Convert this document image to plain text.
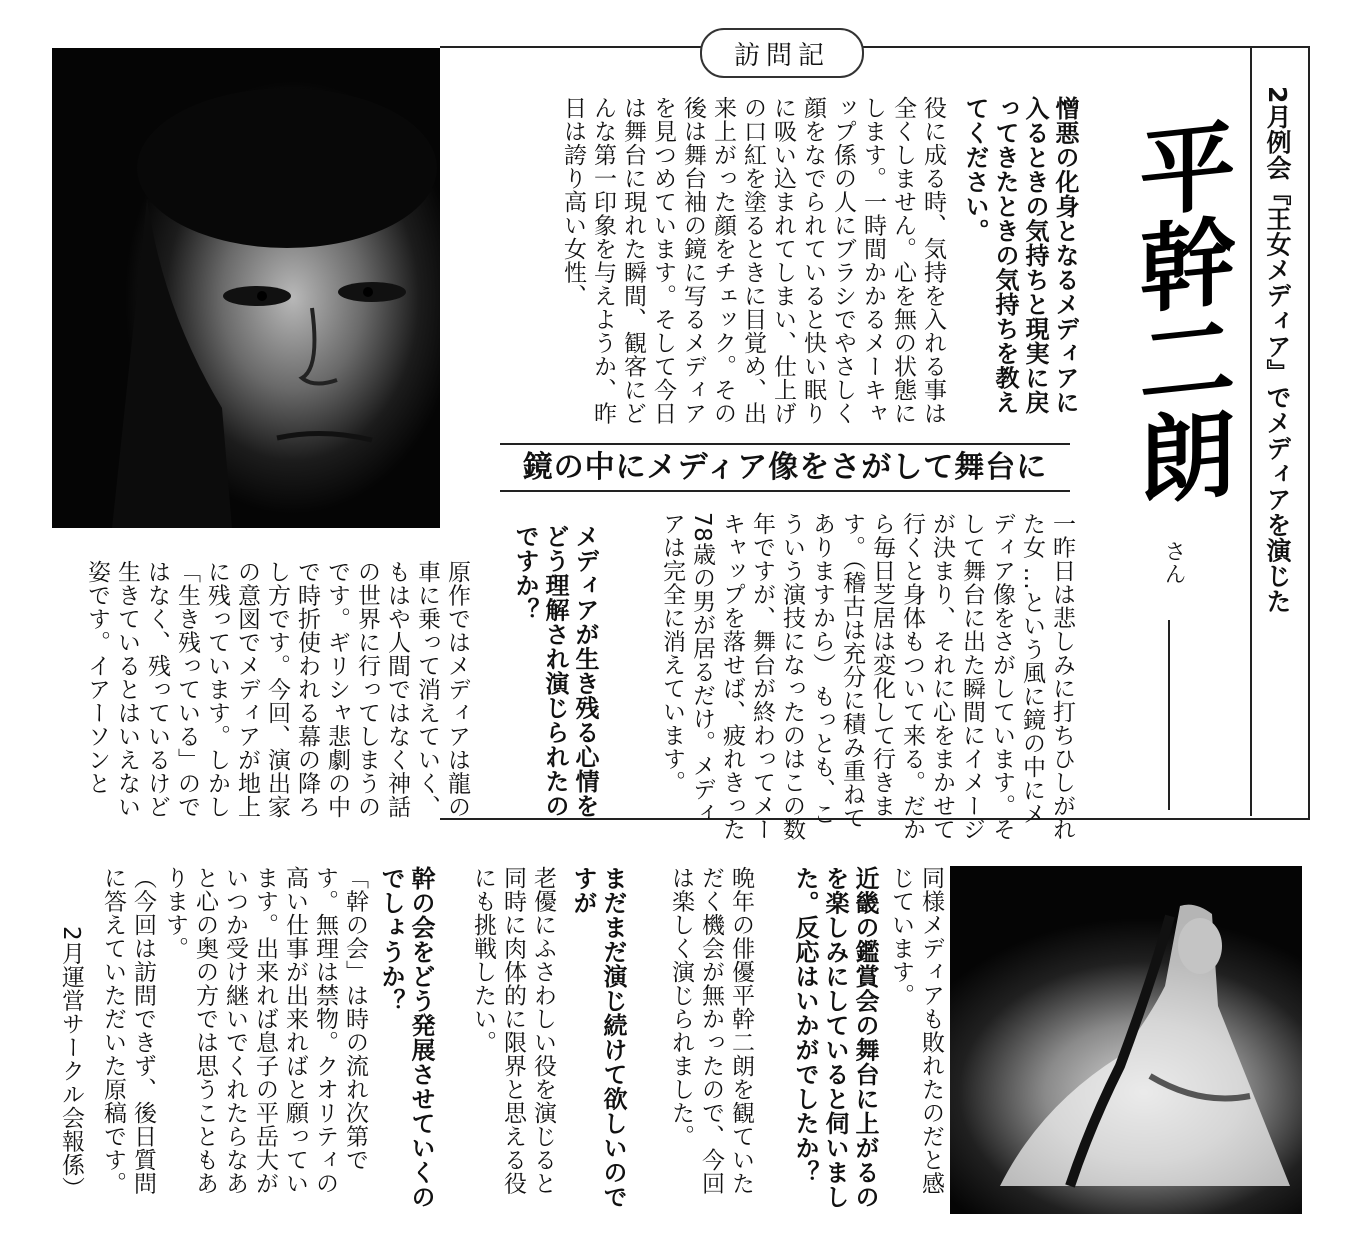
訪問記
2月例会『王女メディア』でメディアを演じた
平幹二朗
さん
憎悪の化身となるメディアに入るときの気持ちと現実に戻ってきたときの気持ちを教えてください。
役に成る時、気持を入れる事は全くしません。心を無の状態にします。一時間かかるメーキャップ係の人にブラシでやさしく顔をなでられていると快い眠りに吸い込まれてしまい、仕上げの口紅を塗るときに目覚め、出来上がった顔をチェック。その後は舞台袖の鏡に写るメディアを見つめています。そして今日は舞台に現れた瞬間、観客にどんな第一印象を与えようか、昨日は誇り高い女性、
鏡の中にメディア像をさがして舞台に
一昨日は悲しみに打ちひしがれた女 …という風に鏡の中にメディア像をさがしています。そして舞台に出た瞬間にイメージが決まり、それに心をまかせて行くと身体もついて来る。だから毎日芝居は変化して行きます。（稽古は充分に積み重ねてありますから） もっとも、こういう演技になったのはこの数年ですが、舞台が終わってメーキャップを落せば、疲れきった78歳の男が居るだけ。メディアは完全に消えています。
メディアが生き残る心情をどう理解され演じられたのですか？
原作ではメディアは龍の車に乗って消えていく、もはや人間ではなく神話の世界に行ってしまうのです。ギリシャ悲劇の中で時折使われる幕の降ろし方です。今回、演出家の意図でメディアが地上に残っています。しかし「生き残っている」のではなく、残っているけど生きているとはいえない姿です。イアーソンと
同様メディアも敗れたのだと感じています。
近畿の鑑賞会の舞台に上がるのを楽しみにしていると伺いました。反応はいかがでしたか？
晩年の俳優平幹二朗を観ていただく機会が無かったので、今回は楽しく演じられました。
まだまだ演じ続けて欲しいのですが
老優にふさわしい役を演じると同時に肉体的に限界と思える役にも挑戦したい。
幹の会をどう発展させていくのでしょうか？
「幹の会」は時の流れ次第です。無理は禁物。クオリティの高い仕事が出来ればと願っています。出来れば息子の平岳大がいつか受け継いでくれたらなあと心の奥の方では思うこともあります。
（今回は訪問できず、後日質問に答えていただいた原稿です。
2月運営サークル会報係）
